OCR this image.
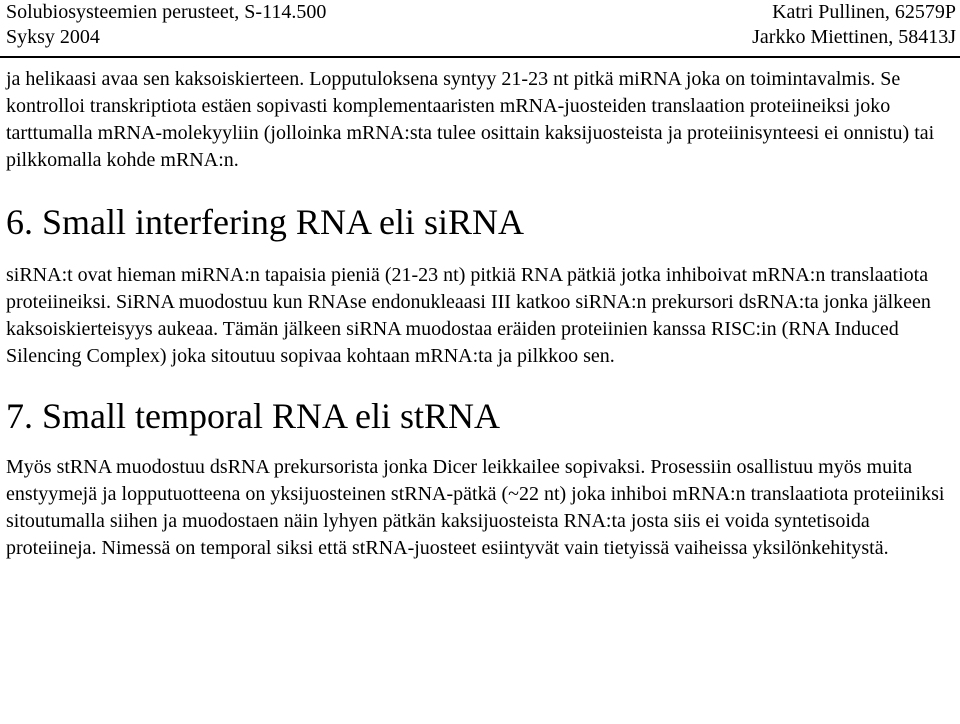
Solubiosysteemien perusteet, S-114.500
Syksy 2004
Katri Pullinen, 62579P
Jarkko Miettinen, 58413J

ja helikaasi avaa sen kaksoiskierteen. Lopputuloksena syntyy 21-23 nt pitkä miRNA joka on toimintavalmis. Se kontrolloi transkriptiota estäen sopivasti komplementaaristen mRNA-juosteiden translaation proteiineiksi joko tarttumalla mRNA-molekyyliin (jolloinka mRNA:sta tulee osittain kaksijuosteista ja proteiinisynteesi ei onnistu) tai pilkkomalla kohde mRNA:n.

6. Small interfering RNA eli siRNA

siRNA:t ovat hieman miRNA:n tapaisia pieniä (21-23 nt) pitkiä RNA pätkiä jotka inhiboivat mRNA:n translaatiota proteiineiksi. SiRNA muodostuu kun RNAse endonukleaasi III katkoo siRNA:n prekursori dsRNA:ta jonka jälkeen kaksoiskierteisyys aukeaa. Tämän jälkeen siRNA muodostaa eräiden proteiinien kanssa RISC:in (RNA Induced Silencing Complex) joka sitoutuu sopivaa kohtaan mRNA:ta ja pilkkoo sen.

7. Small temporal RNA eli stRNA

Myös stRNA muodostuu dsRNA prekursorista jonka Dicer leikkailee sopivaksi. Prosessiin osallistuu myös muita enstyymejä ja lopputuotteena on yksijuosteinen stRNA-pätkä (~22 nt) joka inhiboi mRNA:n translaatiota proteiiniksi sitoutumalla siihen ja muodostaen näin lyhyen pätkän kaksijuosteista RNA:ta josta siis ei voida syntetisoida proteiineja. Nimessä on temporal siksi että stRNA-juosteet esiintyvät vain tietyissä vaiheissa yksilönkehitystä.
